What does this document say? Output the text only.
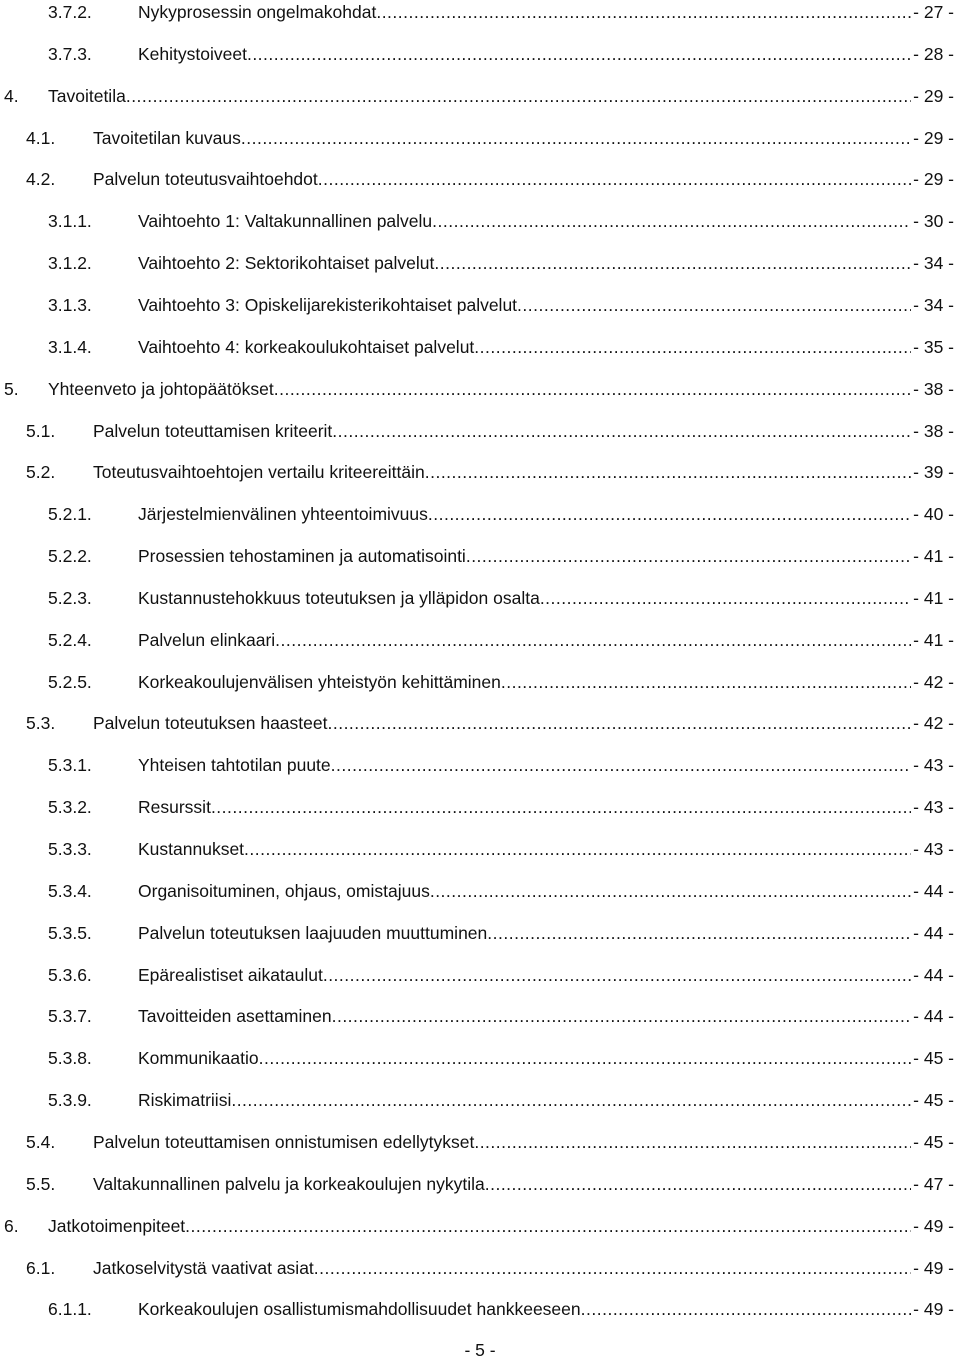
3.7.2.	Nykyprosessin ongelmakohdat .....	- 27 -
3.7.3.	Kehitystoiveet .....	- 28 -
4. Tavoitetila .....	- 29 -
4.1. Tavoitetilan kuvaus .....	- 29 -
4.2. Palvelun toteutusvaihtoehdot .....	- 29 -
3.1.1.	Vaihtoehto 1: Valtakunnallinen palvelu .....	- 30 -
3.1.2.	Vaihtoehto 2: Sektorikohtaiset palvelut .....	- 34 -
3.1.3.	Vaihtoehto 3: Opiskelijarekisterikohtaiset palvelut .....	- 34 -
3.1.4.	Vaihtoehto 4: korkeakoulukohtaiset palvelut .....	- 35 -
5. Yhteenveto ja johtopäätökset .....	- 38 -
5.1. Palvelun toteuttamisen kriteerit .....	- 38 -
5.2. Toteutusvaihtoehtojen vertailu kriteereittäin .....	- 39 -
5.2.1.	Järjestelmienvälinen yhteentoimivuus .....	- 40 -
5.2.2.	Prosessien tehostaminen ja automatisointi .....	- 41 -
5.2.3.	Kustannustehokkuus toteutuksen ja ylläpidon osalta .....	- 41 -
5.2.4.	Palvelun elinkaari .....	- 41 -
5.2.5.	Korkeakoulujenvälisen yhteistyön kehittäminen .....	- 42 -
5.3. Palvelun toteutuksen haasteet .....	- 42 -
5.3.1.	Yhteisen tahtotilan puute .....	- 43 -
5.3.2.	Resurssit .....	- 43 -
5.3.3.	Kustannukset .....	- 43 -
5.3.4.	Organisoituminen, ohjaus, omistajuus .....	- 44 -
5.3.5.	Palvelun toteutuksen laajuuden muuttuminen .....	- 44 -
5.3.6.	Epärealistiset aikataulut .....	- 44 -
5.3.7.	Tavoitteiden asettaminen .....	- 44 -
5.3.8.	Kommunikaatio .....	- 45 -
5.3.9.	Riskimatriisi .....	- 45 -
5.4. Palvelun toteuttamisen onnistumisen edellytykset .....	- 45 -
5.5. Valtakunnallinen palvelu ja korkeakoulujen nykytila .....	- 47 -
6. Jatkotoimenpiteet .....	- 49 -
6.1. Jatkoselvitystä vaativat asiat .....	- 49 -
6.1.1.	Korkeakoulujen osallistumismahdollisuudet hankkeeseen .....	- 49 -
- 5 -
